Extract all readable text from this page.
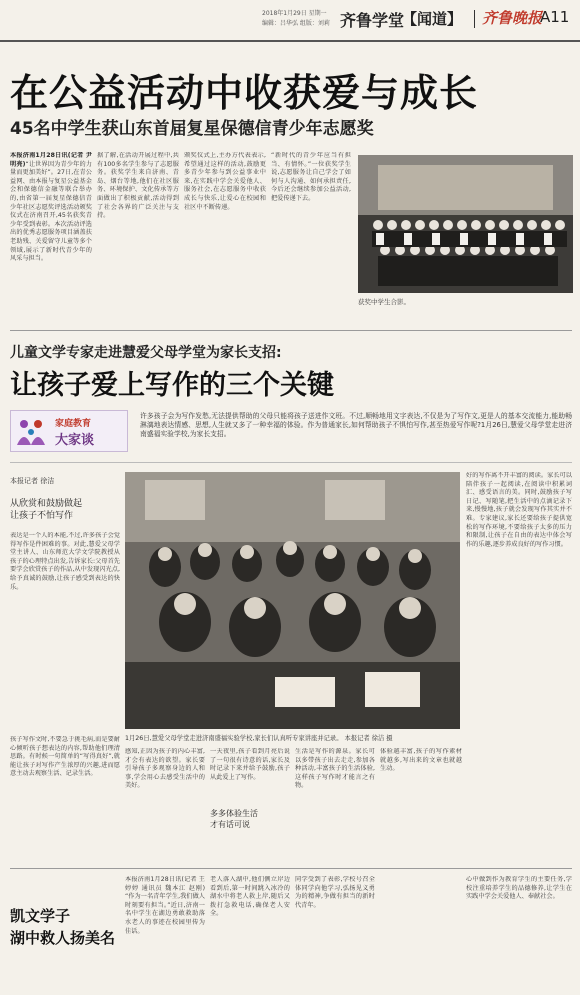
2018年1月29日 星期一
编辑：吕华弘 组版：刘莉 齐鲁学堂
【闻道】 齐鲁晚报
A11
在公益活动中收获爱与成长
45名中学生获山东首届复星保德信青少年志愿奖
本报济南1月28日讯(记者 尹明亮)“让世界因为青少年的力量而更加美好”。27日,在青公益网、由本报与复星公益基金会和保德信金融等联合举办的,由省第一届复星保德信青少年社区志愿奖评选活动颁奖仪式在济南召开,45名获奖青少年受到表彰。本次活动评选出的优秀志愿服务项目涵盖扶老助残、关爱留守儿童等多个领域,展示了新时代青少年的风采与担当。
据了解,在活动开展过程中,共有100多名学生参与了志愿服务。获奖学生来自济南、青岛、烟台等地,他们在社区服务、环境保护、文化传承等方面做出了积极贡献,活动得到了社会各界的广泛关注与支持。
颁奖仪式上,主办方代表表示,希望通过这样的活动,鼓励更多青少年参与到公益事业中来,在实践中学会关爱他人、服务社会,在志愿服务中收获成长与快乐,让爱心在校园和社区中不断传递。
“新时代的青少年应当有担当、有情怀。”一位获奖学生说,志愿服务让自己学会了如何与人沟通、如何承担责任,今后还会继续参加公益活动,把爱传递下去。
获奖中学生合影。
儿童文学专家走进慧爱父母学堂为家长支招:
让孩子爱上写作的三个关键
家庭教育
大家谈
许多孩子会为写作发愁,无法提供帮助的父母只能将孩子送进作文班。不过,顺畅地用文字表达,不仅是为了写作文,更是人的基本交流能力,能助畅淋漓地表达情感、思想,人生就又多了一种幸福的体验。作为普通家长,如何帮助孩子不惧怕写作,甚至热爱写作呢?1月26日,慧爱父母学堂走进济南盛福实验学校,为家长支招。
本报记者 徐洁
从欣赏和鼓励做起
让孩子不怕写作
表达是一个人的本能,不过,许多孩子会觉得写作是件困难的事。对此,慧爱父母学堂主讲人、山东师范大学文学院教授从孩子的心理特点出发,告诉家长:父母首先要学会欣赏孩子的作品,从中发现闪光点,给予真诚的鼓励,让孩子感受到表达的快乐。
孩子写作文时,不要急于挑毛病,而是要耐心倾听孩子想表达的内容,帮助他们理清思路。有时候一句简单的“写得真好”,就能让孩子对写作产生浓厚的兴趣,进而愿意主动去观察生活、记录生活。
1月26日,慧爱父母学堂走进济南盛福实验学校,家长们认真听专家讲座并记录。 本报记者 徐洁 摄
好的写作离不开丰富的阅读。家长可以陪伴孩子一起阅读,在阅读中积累词汇、感受语言的美。同时,鼓励孩子写日记、写随笔,把生活中的点滴记录下来,慢慢地,孩子就会发现写作其实并不难。专家建议,家长还要给孩子提供宽松的写作环境,不要给孩子太多的压力和限制,让孩子在自由的表达中体会写作的乐趣,逐步养成良好的写作习惯。
感知,正因为孩子的内心丰富,才会有表达的欲望。家长要引导孩子多观察身边的人和事,学会用心去感受生活中的美好。
一天夜里,孩子看到月亮后说了一句很有诗意的话,家长及时记录下来并给予鼓励,孩子从此爱上了写作。
生活是写作的源泉。家长可以多带孩子出去走走,参加各种活动,丰富孩子的生活体验,这样孩子写作时才能言之有物。
多多体验生活
才有话可说
体验越丰富,孩子的写作素材就越多,写出来的文章也就越生动。
凯文学子
湖中救人扬美名
本报济南1月28日讯(记者 王婷婷 通讯员 魏本江 赵刚) “作为一名青年学生,我们做人时刻要有担当。”近日,济南一名中学生在湖边勇敢救助落水老人的事迹在校园里传为佳话。
老人落入湖中,他们侧立岸边看到后,第一时间跳入冰冷的湖水中将老人救上岸,随后又拨打急救电话,确保老人安全。
同学受到了表彰,学校号召全体同学向他学习,弘扬见义勇为的精神,争做有担当的新时代青年。
心中做到作为教育学生的主要任务,学校注重培养学生的品德修养,让学生在实践中学会关爱他人、奉献社会。
